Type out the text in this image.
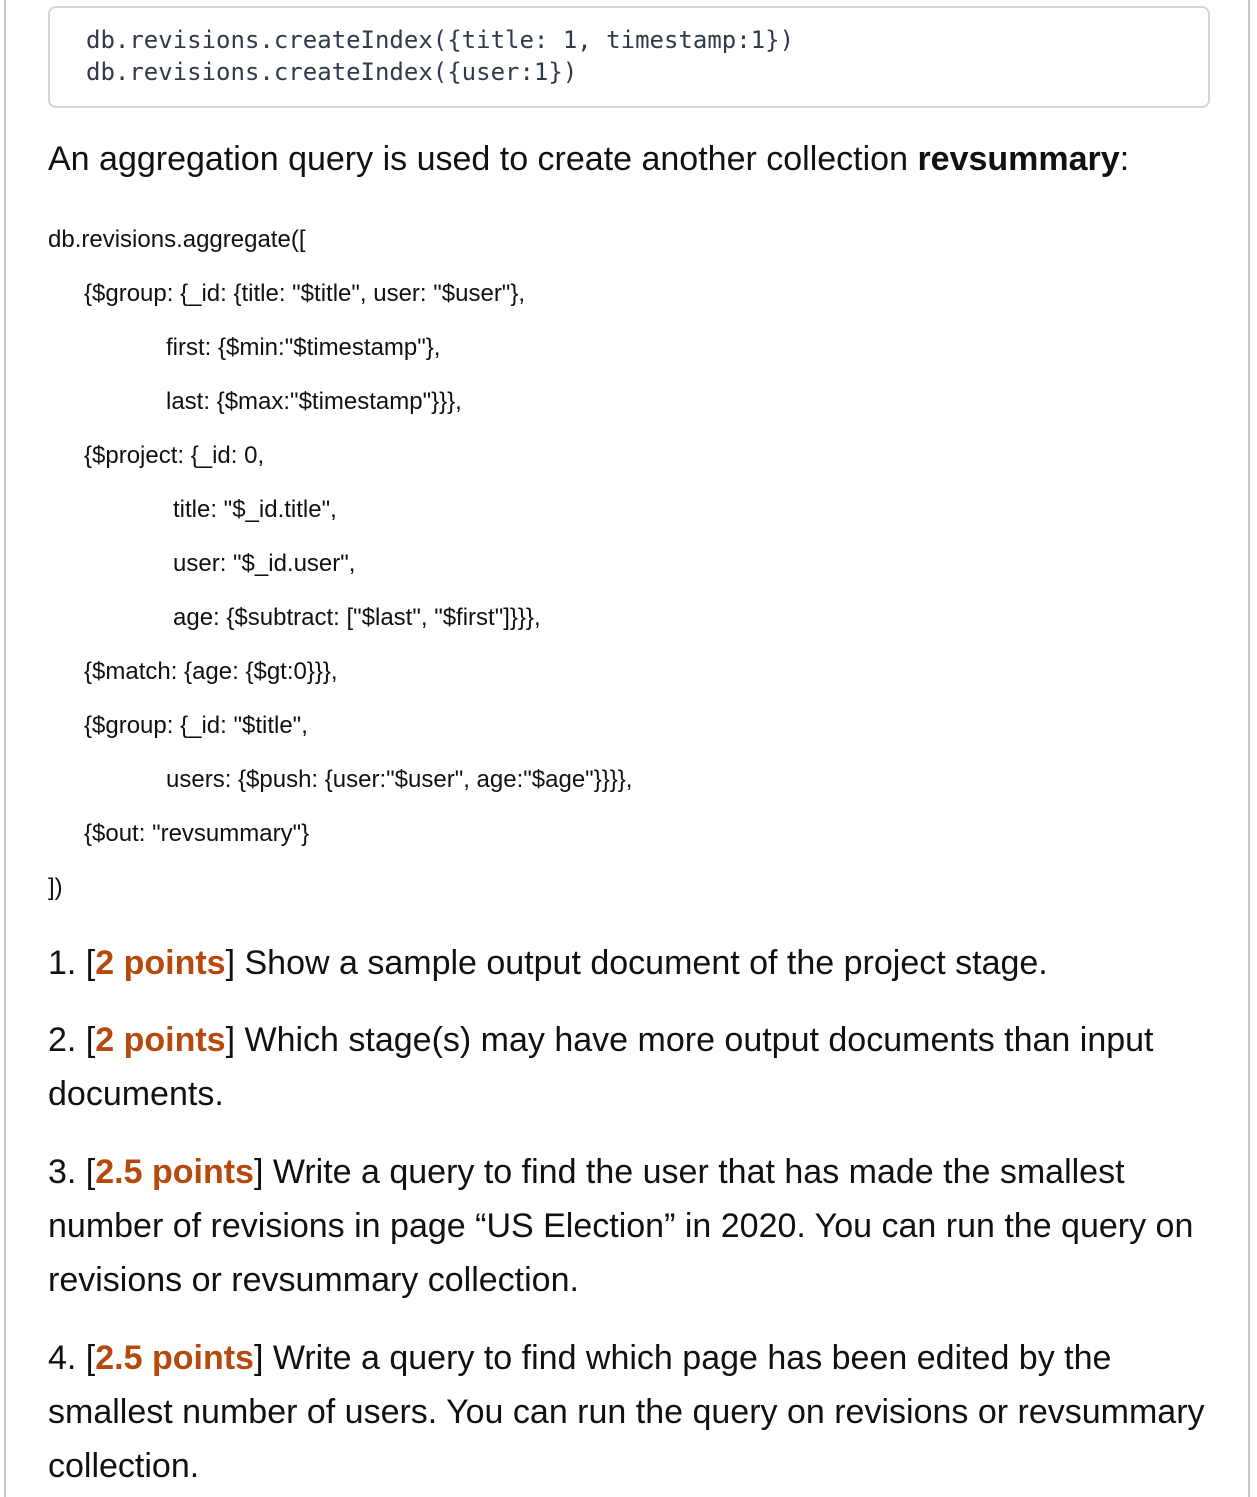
db.revisions.createIndex({title: 1, timestamp:1})
db.revisions.createIndex({user:1})
An aggregation query is used to create another collection revsummary:
db.revisions.aggregate([
{$group: {_id: {title: "$title", user: "$user"},
first: {$min:"$timestamp"},
last: {$max:"$timestamp"}}},
{$project: {_id: 0,
title: "$_id.title",
user: "$_id.user",
age: {$subtract: ["$last", "$first"]}}},
{$match: {age: {$gt:0}}},
{$group: {_id: "$title",
users: {$push: {user:"$user", age:"$age"}}}},
{$out: "revsummary"}
])
1. [2 points] Show a sample output document of the project stage.
2. [2 points] Which stage(s) may have more output documents than input documents.
3. [2.5 points] Write a query to find the user that has made the smallest number of revisions in page “US Election” in 2020. You can run the query on revisions or revsummary collection.
4. [2.5 points] Write a query to find which page has been edited by the smallest number of users. You can run the query on revisions or revsummary collection.
